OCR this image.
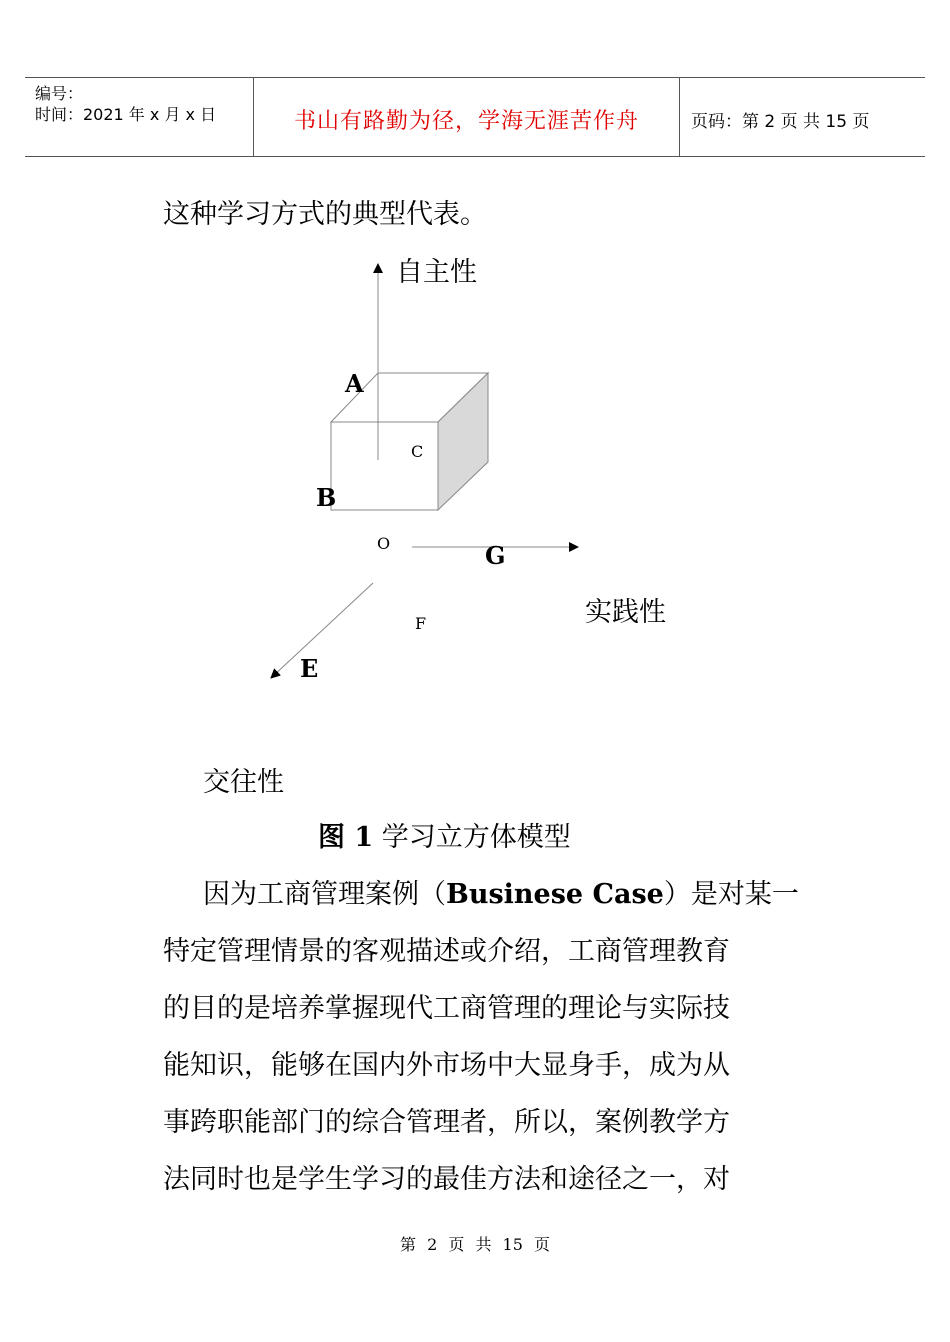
编号：
时间：2021 年 x 月 x 日	书山有路勤为径，学海无涯苦作舟	页码：第 2 页 共 15 页
这种学习方式的典型代表。
自主性
A
C
B
O	G
实践性
F
E
交往性
图 1 学习立方体模型
因为工商管理案例（Businese Case）是对某一
特定管理情景的客观描述或介绍，工商管理教育
的目的是培养掌握现代工商管理的理论与实际技
能知识，能够在国内外市场中大显身手，成为从
事跨职能部门的综合管理者，所以，案例教学方
法同时也是学生学习的最佳方法和途径之一，对
第 2 页 共 15 页
